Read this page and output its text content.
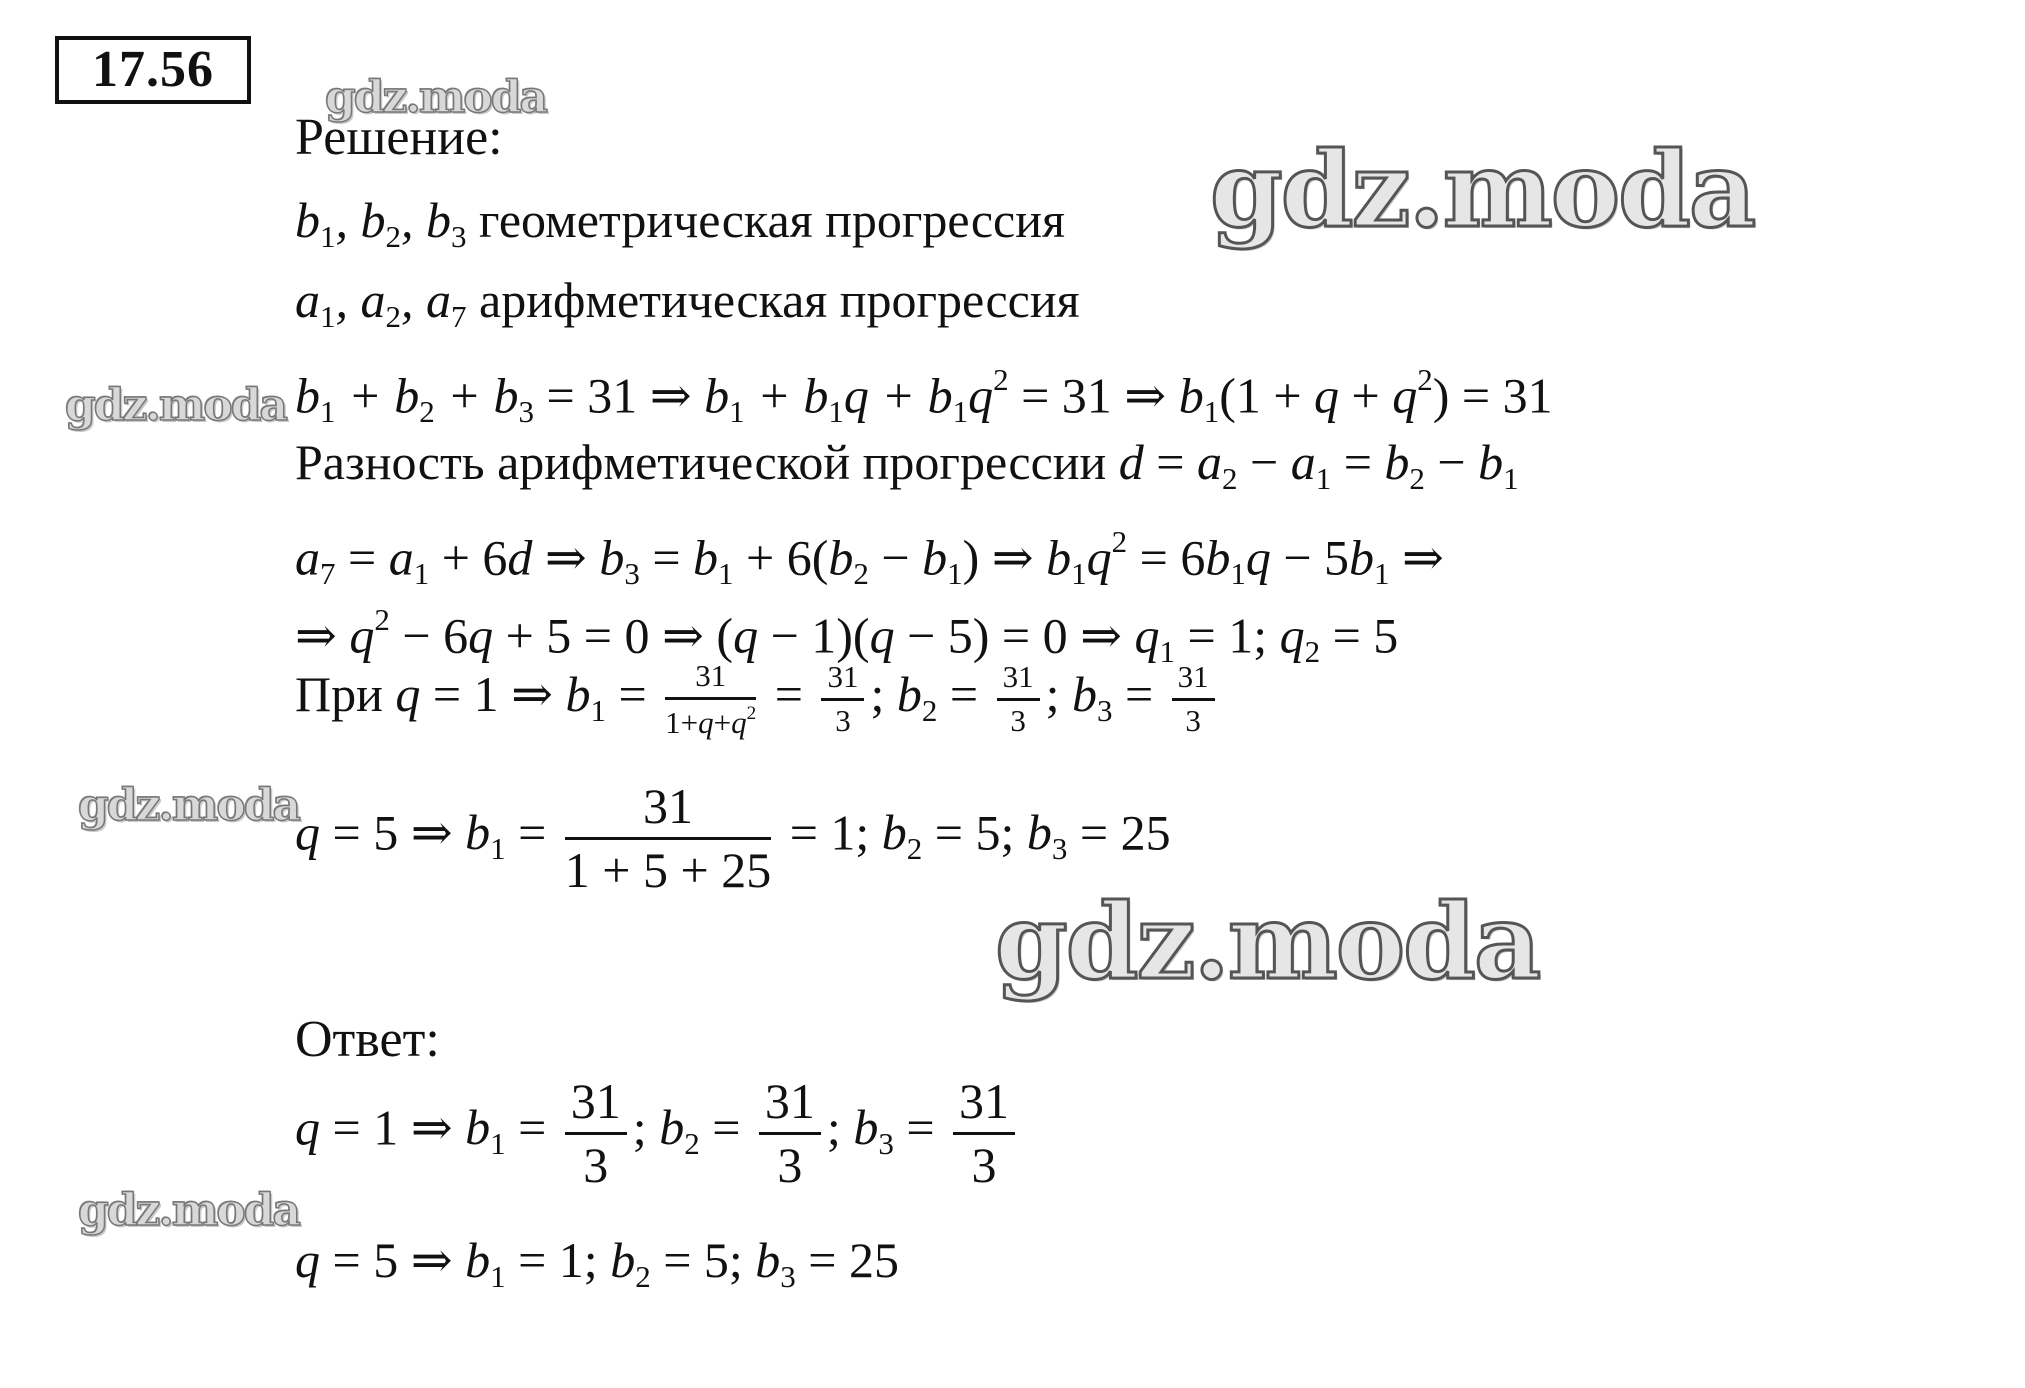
17.56	gdz.moda
gdz.moda
gdz.moda
gdz.moda
gdz.moda
gdz.moda
Решение:
$b_1$, $b_2$, $b_3$ геометрическая прогрессия
$a_1$, $a_2$, $a_7$ арифметическая прогрессия
$b_1 + b_2 + b_3 = 31$ ⇒ $b_1 + b_1q + b_1q^2 = 31$ ⇒ $b_1(1 + q + q^2) = 31$
Разность арифметической прогрессии $d = a_2 - a_1 = b_2 - b_1$
$a_7 = a_1 + 6d$ ⇒ $b_3 = b_1 + 6(b_2 - b_1)$ ⇒ $b_1q^2 = 6b_1q - 5b_1$ ⇒
⇒ $q^2 - 6q + 5 = 0$ ⇒ (q − 1)(q − 5) = 0 ⇒ $q_1 = 1$; $q_2 = 5$
При q = 1 ⇒ $b_1 = \frac{31}{1+q+q^2} = \frac{31}{3}$ ; $b_2 = \frac{31}{3}$ ; $b_3 = \frac{31}{3}$
q = 5 ⇒ $b_1 = \frac{31}{1 + 5 + 25} = 1$; $b_2 = 5$; $b_3 = 25$
Ответ:
q = 1 ⇒ $b_1 = \frac{31}{3}$ ; $b_2 = \frac{31}{3}$ ; $b_3 = \frac{31}{3}$
q = 5 ⇒ $b_1 = 1$; $b_2 = 5$; $b_3 = 25$
